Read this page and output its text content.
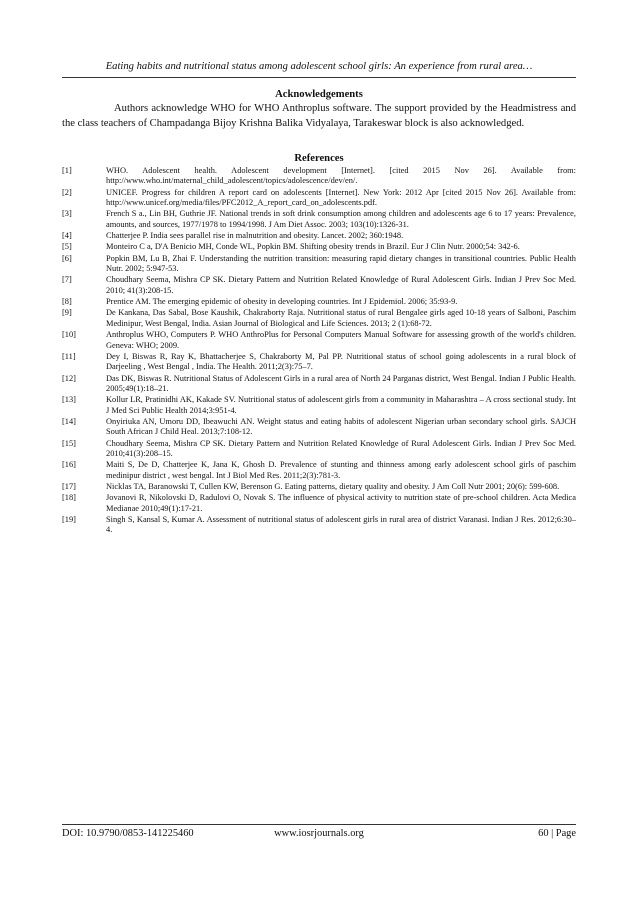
Eating habits and nutritional status among adolescent school girls: An experience from rural area…
Acknowledgements
Authors acknowledge WHO for WHO Anthroplus software. The support provided by the Headmistress and the class teachers of Champadanga Bijoy Krishna Balika Vidyalaya, Tarakeswar block is also acknowledged.
References
[1]	WHO. Adolescent health. Adolescent development [Internet]. [cited 2015 Nov 26]. Available from: http://www.who.int/maternal_child_adolescent/topics/adolescence/dev/en/.
[2]	UNICEF. Progress for children A report card on adolescents [Internet]. New York: 2012 Apr [cited 2015 Nov 26]. Available from: http://www.unicef.org/media/files/PFC2012_A_report_card_on_adolescents.pdf.
[3]	French S a., Lin BH, Guthrie JF. National trends in soft drink consumption among children and adolescents age 6 to 17 years: Prevalence, amounts, and sources, 1977/1978 to 1994/1998. J Am Diet Assoc. 2003; 103(10):1326-31.
[4]	Chatterjee P. India sees parallel rise in malnutrition and obesity. Lancet. 2002; 360:1948.
[5]	Monteiro C a, D'A Benicio MH, Conde WL, Popkin BM. Shifting obesity trends in Brazil. Eur J Clin Nutr. 2000;54: 342-6.
[6]	Popkin BM, Lu B, Zhai F. Understanding the nutrition transition: measuring rapid dietary changes in transitional countries. Public Health Nutr. 2002; 5:947-53.
[7]	Choudhary Seema, Mishra CP SK. Dietary Pattern and Nutrition Related Knowledge of Rural Adolescent Girls. Indian J Prev Soc Med. 2010; 41(3):208-15.
[8]	Prentice AM. The emerging epidemic of obesity in developing countries. Int J Epidemiol. 2006; 35:93-9.
[9]	De Kankana, Das Sabal, Bose Kaushik, Chakraborty Raja. Nutritional status of rural Bengalee girls aged 10-18 years of Salboni, Paschim Medinipur, West Bengal, India. Asian Journal of Biological and Life Sciences. 2013; 2 (1):68-72.
[10]	Anthroplus WHO, Computers P. WHO AnthroPlus for Personal Computers Manual Software for assessing growth of the world's children. Geneva: WHO; 2009.
[11]	Dey I, Biswas R, Ray K, Bhattacherjee S, Chakraborty M, Pal PP. Nutritional status of school going adolescents in a rural block of Darjeeling , West Bengal , India. The Health. 2011;2(3):75–7.
[12]	Das DK, Biswas R. Nutritional Status of Adolescent Girls in a rural area of North 24 Parganas district, West Bengal. Indian J Public Health. 2005;49(1):18–21.
[13]	Kollur LR, Pratinidhi AK, Kakade SV. Nutritional status of adolescent girls from a community in Maharashtra – A cross sectional study. Int J Med Sci Public Health 2014;3:951-4.
[14]	Onyiriuka AN, Umoru DD, Ibeawuchi AN. Weight status and eating habits of adolescent Nigerian urban secondary school girls. SAJCH South African J Child Heal. 2013;7:108-12.
[15]	Choudhary Seema, Mishra CP SK. Dietary Pattern and Nutrition Related Knowledge of Rural Adolescent Girls. Indian J Prev Soc Med. 2010;41(3):208–15.
[16]	Maiti S, De D, Chatterjee K, Jana K, Ghosh D. Prevalence of stunting and thinness among early adolescent school girls of paschim medinipur district , west bengal. Int J Biol Med Res. 2011;2(3):781-3.
[17]	Nicklas TA, Baranowski T, Cullen KW, Berenson G. Eating patterns, dietary quality and obesity. J Am Coll Nutr 2001; 20(6): 599-608.
[18]	Jovanovi R, Nikolovski D, Radulovi O, Novak S. The influence of physical activity to nutrition state of pre-school children. Acta Medica Medianae 2010;49(1):17-21.
[19]	Singh S, Kansal S, Kumar A. Assessment of nutritional status of adolescent girls in rural area of district Varanasi. Indian J Res. 2012;6:30–4.
DOI: 10.9790/0853-141225460	www.iosrjournals.org	60 | Page
